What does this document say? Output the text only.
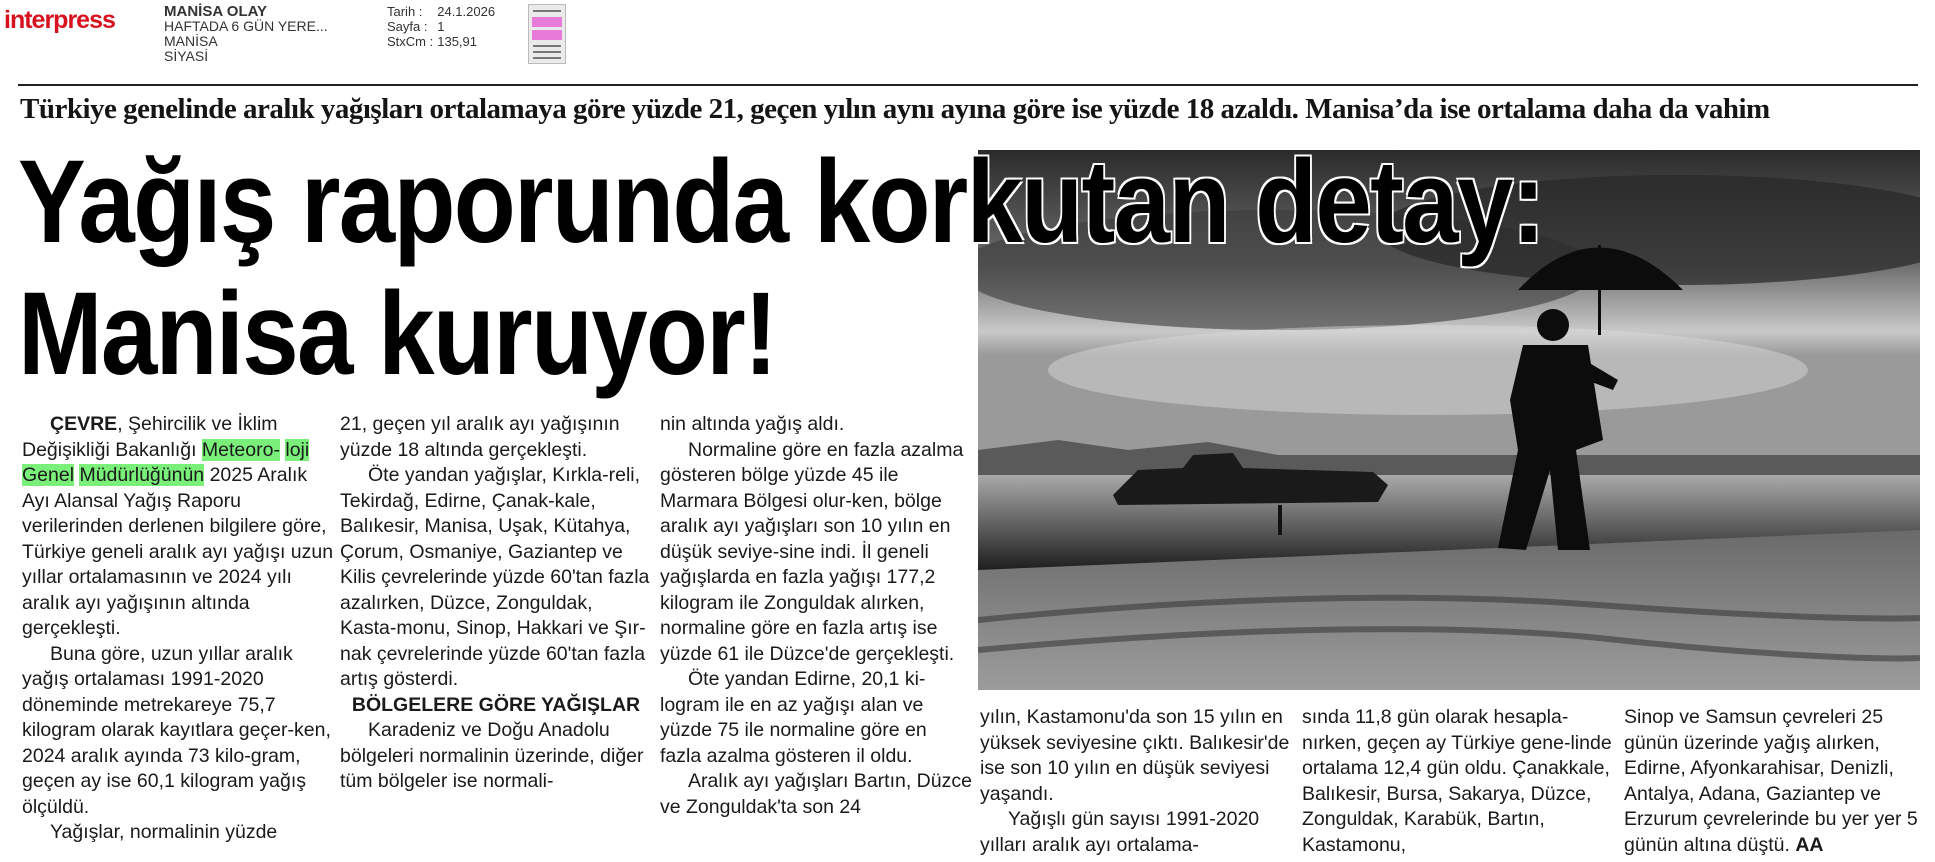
interpress	MANİSA OLAY
HAFTADA 6 GÜN YERE...
MANİSA
SİYASİ
Tarih :	24.1.2026
Sayfa :	1
StxCm :	135,91
Türkiye genelinde aralık yağışları ortalamaya göre yüzde 21, geçen yılın aynı ayına göre ise yüzde 18 azaldı. Manisa’da ise ortalama daha da vahim
Yağış raporunda korkutan detay:
Manisa kuruyor!

ÇEVRE, Şehircilik ve İklim Değişikliği Bakanlığı Meteoro- loji Genel Müdürlüğünün 2025 Aralık Ayı Alansal Yağış Raporu verilerinden derlenen bilgilere göre, Türkiye geneli aralık ayı yağışı uzun yıllar ortalamasının ve 2024 yılı aralık ayı yağışının altında gerçekleşti.

Buna göre, uzun yıllar aralık yağış ortalaması 1991-2020 döneminde metrekareye 75,7 kilogram olarak kayıtlara geçer-ken, 2024 aralık ayında 73 kilo-gram, geçen ay ise 60,1 kilogram yağış ölçüldü.

Yağışlar, normalinin yüzde

21, geçen yıl aralık ayı yağışının yüzde 18 altında gerçekleşti.

Öte yandan yağışlar, Kırkla-reli, Tekirdağ, Edirne, Çanak-kale, Balıkesir, Manisa, Uşak, Kütahya, Çorum, Osmaniye, Gaziantep ve Kilis çevrelerinde yüzde 60'tan fazla azalırken, Düzce, Zonguldak, Kasta-monu, Sinop, Hakkari ve Şır-nak çevrelerinde yüzde 60'tan fazla artış gösterdi.

BÖLGELERE GÖRE YAĞIŞLAR

Karadeniz ve Doğu Anadolu bölgeleri normalinin üzerinde, diğer tüm bölgeler ise normali-

nin altında yağış aldı.

Normaline göre en fazla azalma gösteren bölge yüzde 45 ile Marmara Bölgesi olur-ken, bölge aralık ayı yağışları son 10 yılın en düşük seviye-sine indi. İl geneli yağışlarda en fazla yağışı 177,2 kilogram ile Zonguldak alırken, normaline göre en fazla artış ise yüzde 61 ile Düzce'de gerçekleşti.

Öte yandan Edirne, 20,1 ki-logram ile en az yağışı alan ve yüzde 75 ile normaline göre en fazla azalma gösteren il oldu.

Aralık ayı yağışları Bartın, Düzce ve Zonguldak'ta son 24

yılın, Kastamonu'da son 15 yılın en yüksek seviyesine çıktı. Balıkesir'de ise son 10 yılın en düşük seviyesi yaşandı.

Yağışlı gün sayısı 1991-2020 yılları aralık ayı ortalama-

sında 11,8 gün olarak hesapla-nırken, geçen ay Türkiye gene-linde ortalama 12,4 gün oldu. Çanakkale, Balıkesir, Bursa, Sakarya, Düzce, Zonguldak, Karabük, Bartın, Kastamonu,

Sinop ve Samsun çevreleri 25 günün üzerinde yağış alırken, Edirne, Afyonkarahisar, Denizli, Antalya, Adana, Gaziantep ve Erzurum çevrelerinde bu yer yer 5 günün altına düştü. AA
